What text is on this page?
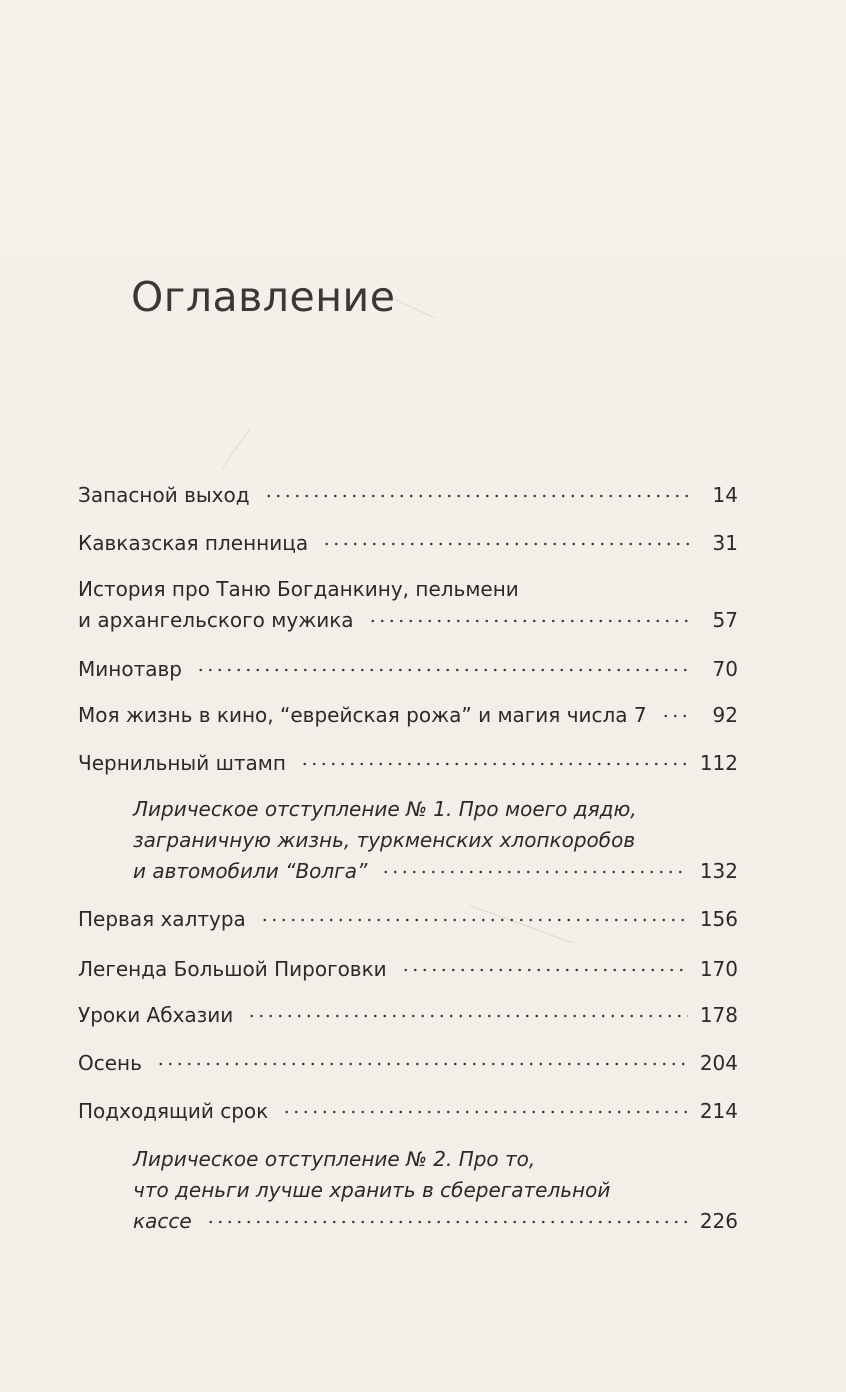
Оглавление
Запасной выход	14
Кавказская пленница	31
История про Таню Богданкину, пельмени
и архангельского мужика	57
Минотавр	70
Моя жизнь в кино, “еврейская рожа” и магия числа 7	92
Чернильный штамп	112
Лирическое отступление № 1. Про моего дядю,
заграничную жизнь, туркменских хлопкоробов
и автомобили “Волга”	132
Первая халтура	156
Легенда Большой Пироговки	170
Уроки Абхазии	178
Осень	204
Подходящий срок	214
Лирическое отступление № 2. Про то,
что деньги лучше хранить в сберегательной
кассе	226
